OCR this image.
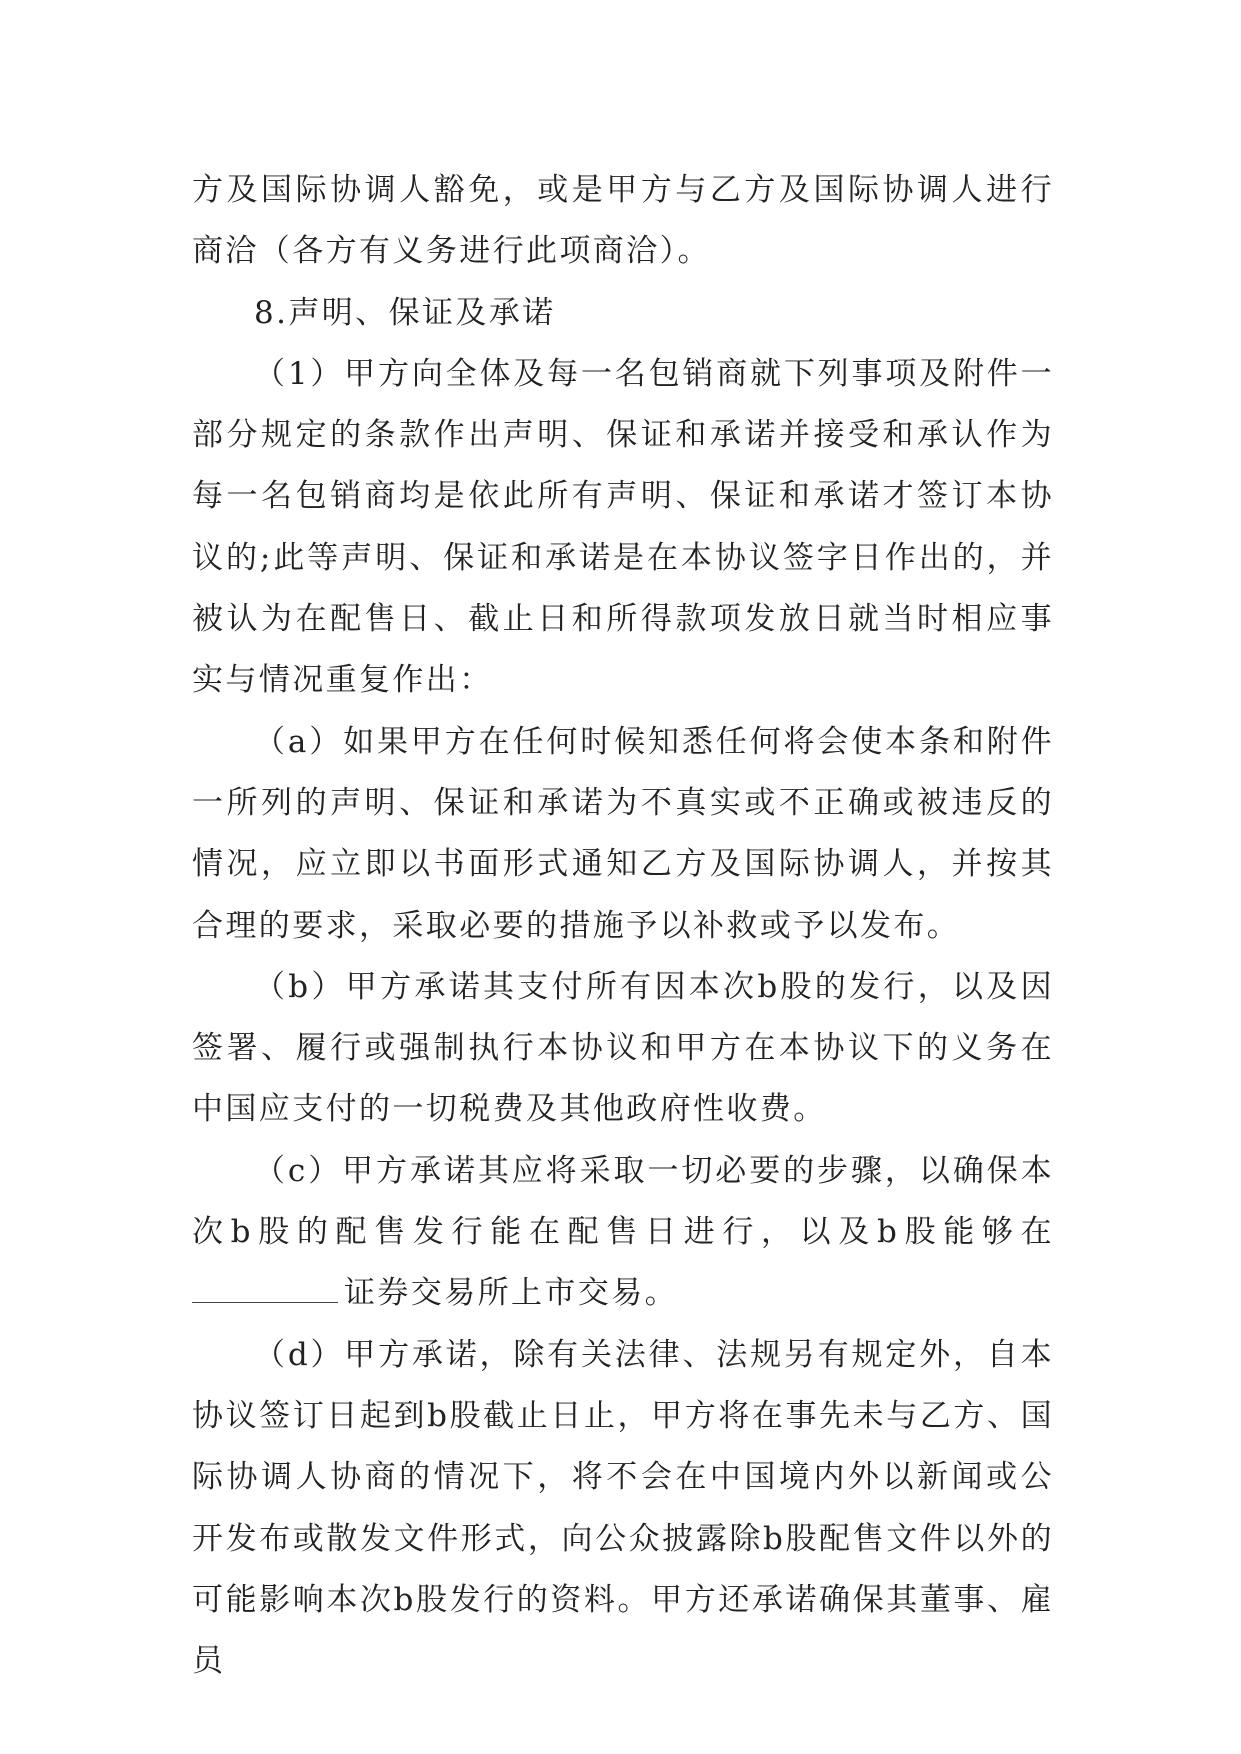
方及国际协调人豁免，或是甲方与乙方及国际协调人进行商洽（各方有义务进行此项商洽）。

8.声明、保证及承诺

（1）甲方向全体及每一名包销商就下列事项及附件一部分规定的条款作出声明、保证和承诺并接受和承认作为每一名包销商均是依此所有声明、保证和承诺才签订本协议的;此等声明、保证和承诺是在本协议签字日作出的，并被认为在配售日、截止日和所得款项发放日就当时相应事实与情况重复作出：

（a）如果甲方在任何时候知悉任何将会使本条和附件一所列的声明、保证和承诺为不真实或不正确或被违反的情况，应立即以书面形式通知乙方及国际协调人，并按其合理的要求，采取必要的措施予以补救或予以发布。

（b）甲方承诺其支付所有因本次b股的发行，以及因签署、履行或强制执行本协议和甲方在本协议下的义务在中国应支付的一切税费及其他政府性收费。

（c）甲方承诺其应将采取一切必要的步骤，以确保本次b股的配售发行能在配售日进行，以及b股能够在证券交易所上市交易。

（d）甲方承诺，除有关法律、法规另有规定外，自本协议签订日起到b股截止日止，甲方将在事先未与乙方、国际协调人协商的情况下，将不会在中国境内外以新闻或公开发布或散发文件形式，向公众披露除b股配售文件以外的可能影响本次b股发行的资料。甲方还承诺确保其董事、雇员
